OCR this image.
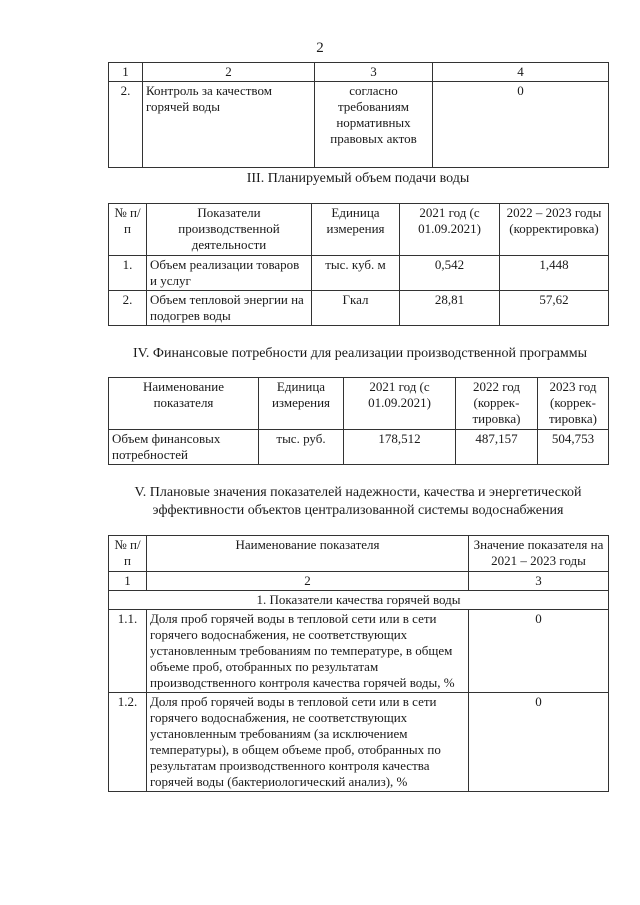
2
1	2	3	4
2.	Контроль за качеством горячей воды	согласно требованиям нормативных правовых актов	0
III. Планируемый объем подачи воды
№ п/п	Показатели производственной деятельности	Единица измерения	2021 год (с 01.09.2021)	2022 – 2023 годы (корректировка)
1.	Объем реализации товаров и услуг	тыс. куб. м	0,542	1,448
2.	Объем тепловой энергии на подогрев воды	Гкал	28,81	57,62
IV. Финансовые потребности для реализации производственной программы
Наименование показателя	Единица измерения	2021 год (с 01.09.2021)	2022 год (коррек-тировка)	2023 год (коррек-тировка)
Объем финансовых потребностей	тыс. руб.	178,512	487,157	504,753
V. Плановые значения показателей надежности, качества и энергетической эффективности объектов централизованной системы водоснабжения
№ п/п	Наименование показателя	Значение показателя на 2021 – 2023 годы
1	2	3
1. Показатели качества горячей воды		
1.1.	Доля проб горячей воды в тепловой сети или в сети горячего водоснабжения, не соответствующих установленным требованиям по температуре, в общем объеме проб, отобранных по результатам производственного контроля качества горячей воды, %	0
1.2.	Доля проб горячей воды в тепловой сети или в сети горячего водоснабжения, не соответствующих установленным требованиям (за исключением температуры), в общем объеме проб, отобранных по результатам производственного контроля качества горячей воды (бактериологический анализ), %	0
